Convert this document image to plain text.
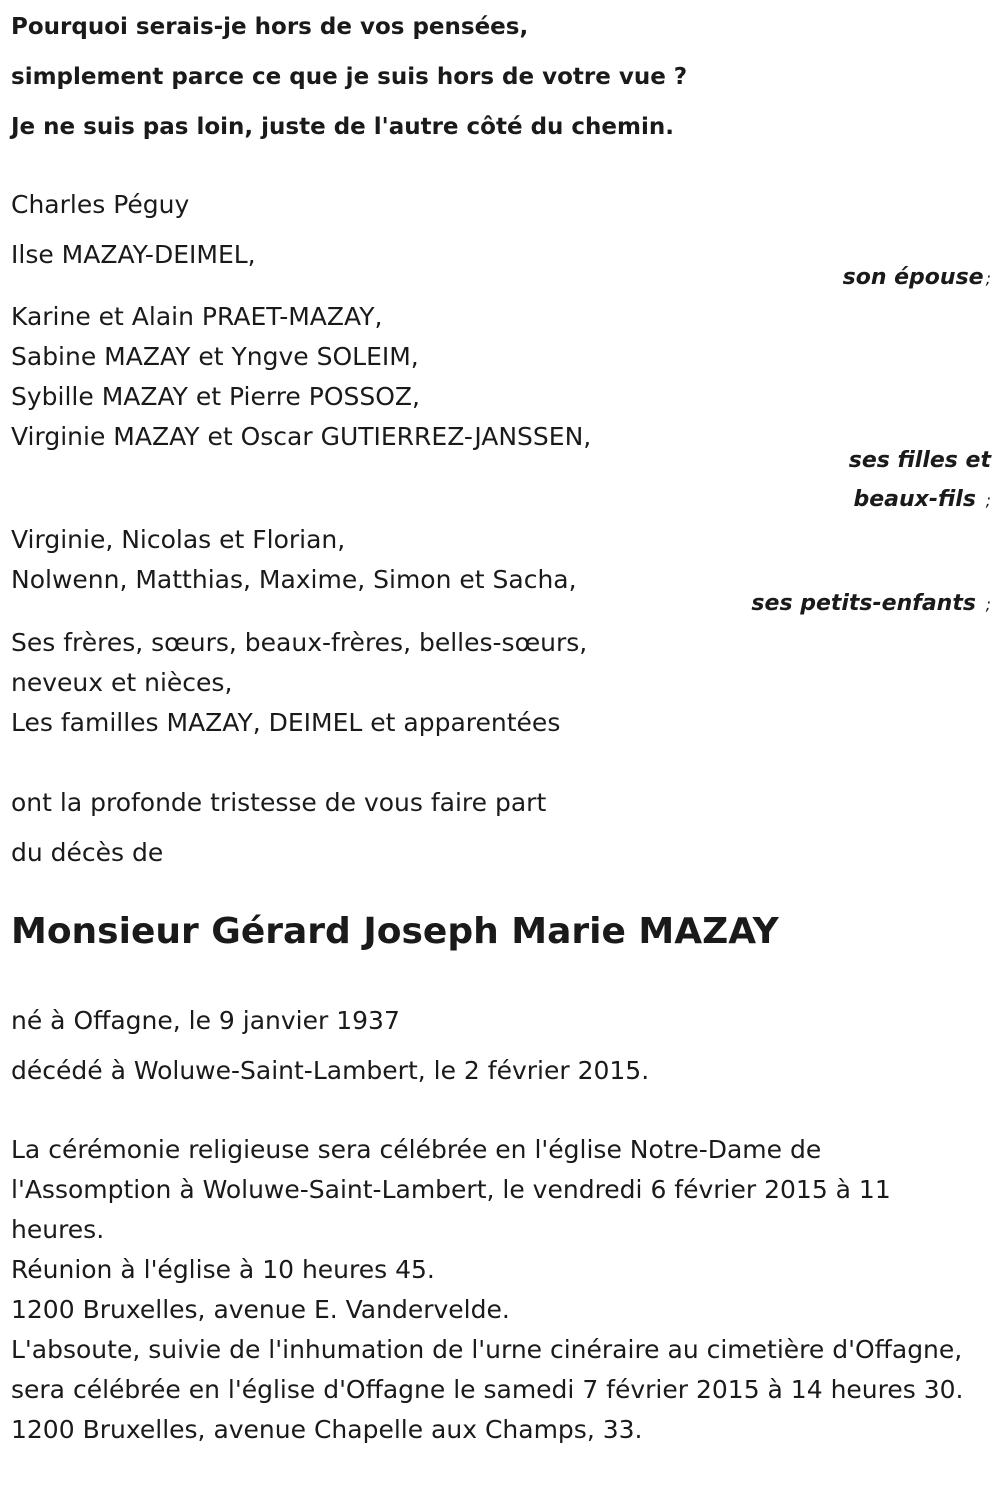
Pourquoi serais-je hors de vos pensées,
simplement parce ce que je suis hors de votre vue ?
Je ne suis pas loin, juste de l'autre côté du chemin.
Charles Péguy
Ilse MAZAY-DEIMEL,
son épouse ;
Karine et Alain PRAET-MAZAY,
Sabine MAZAY et Yngve SOLEIM,
Sybille MAZAY et Pierre POSSOZ,
Virginie MAZAY et Oscar GUTIERREZ-JANSSEN,
ses filles et
beaux-fils ;
Virginie, Nicolas et Florian,
Nolwenn, Matthias, Maxime, Simon et Sacha,
ses petits-enfants ;
Ses frères, sœurs, beaux-frères, belles-sœurs,
neveux et nièces,
Les familles MAZAY, DEIMEL et apparentées
ont la profonde tristesse de vous faire part
du décès de
Monsieur Gérard Joseph Marie MAZAY
né à Offagne, le 9 janvier 1937
décédé à Woluwe-Saint-Lambert, le 2 février 2015.
La cérémonie religieuse sera célébrée en l'église Notre-Dame de l'Assomption à Woluwe-Saint-Lambert, le vendredi 6 février 2015 à 11 heures.
Réunion à l'église à 10 heures 45.
1200 Bruxelles, avenue E. Vandervelde.
L'absoute, suivie de l'inhumation de l'urne cinéraire au cimetière d'Offagne, sera célébrée en l'église d'Offagne le samedi 7 février 2015 à 14 heures 30.
1200 Bruxelles, avenue Chapelle aux Champs, 33.
